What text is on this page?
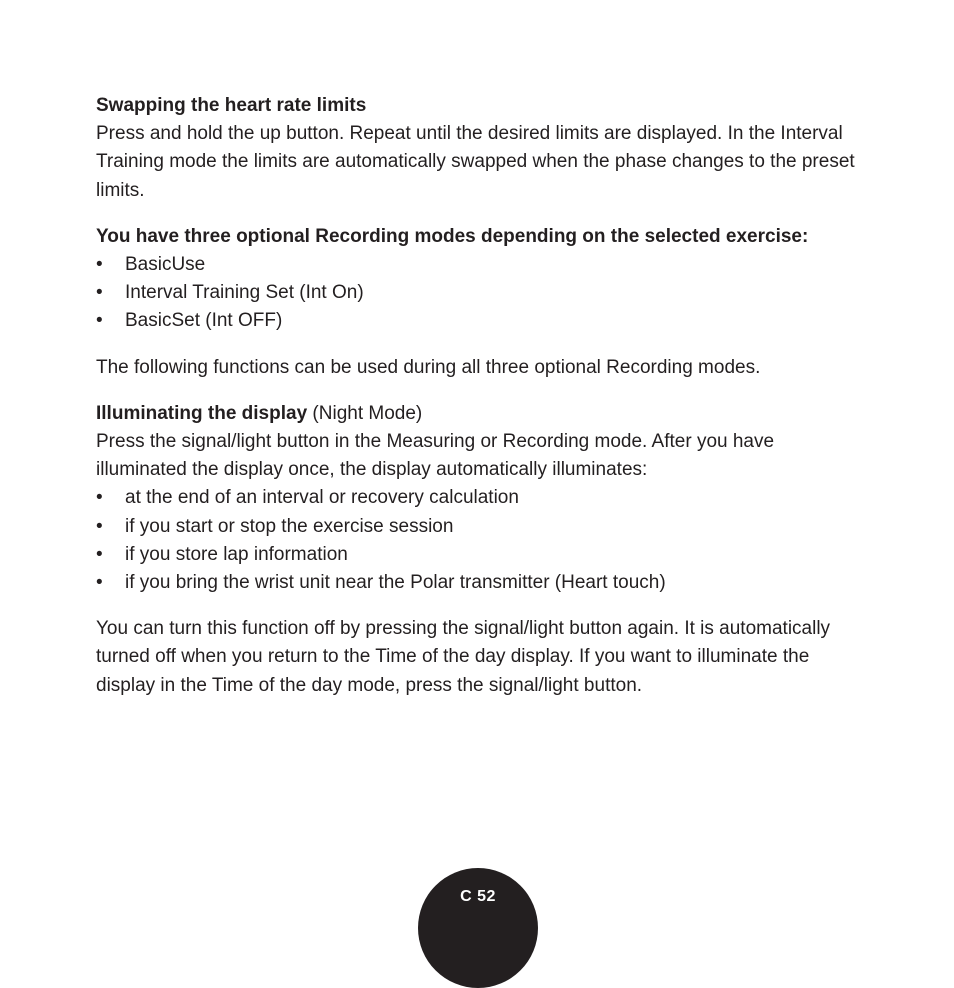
Swapping the heart rate limits

Press and hold the up button. Repeat until the desired limits are displayed. In the Interval Training mode the limits are automatically swapped when the phase changes to the preset limits.

You have three optional Recording modes depending on the selected exercise:

• BasicUse
• Interval Training Set (Int On)
• BasicSet (Int OFF)

The following functions can be used during all three optional Recording modes.

Illuminating the display (Night Mode)

Press the signal/light button in the Measuring or Recording mode. After you have illuminated the display once, the display automatically illuminates:

• at the end of an interval or recovery calculation
• if you start or stop the exercise session
• if you store lap information
• if you bring the wrist unit near the Polar transmitter (Heart touch)

You can turn this function off by pressing the signal/light button again. It is automatically turned off when you return to the Time of the day display. If you want to illuminate the display in the Time of the day mode, press the signal/light button.

C 52
